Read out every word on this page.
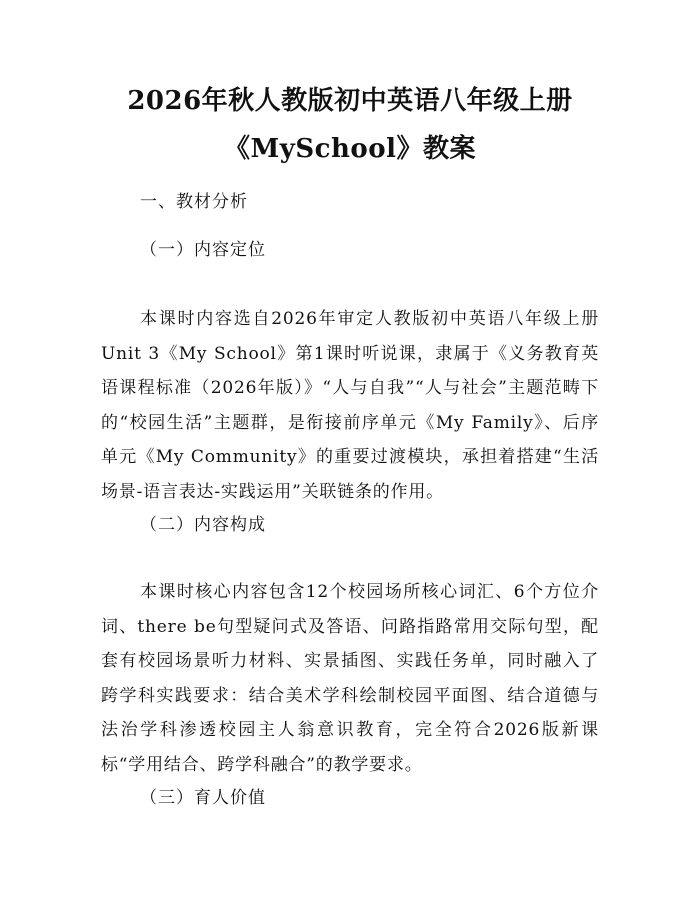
2026年秋人教版初中英语八年级上册
《MySchool》教案
一、教材分析
（一）内容定位

本课时内容选自2026年审定人教版初中英语八年级上册Unit 3《My School》第1课时听说课，隶属于《义务教育英语课程标准（2026年版）》“人与自我”“人与社会”主题范畴下的“校园生活”主题群，是衔接前序单元《My Family》、后序单元《My Community》的重要过渡模块，承担着搭建“生活场景-语言表达-实践运用”关联链条的作用。

（二）内容构成

本课时核心内容包含12个校园场所核心词汇、6个方位介词、there be句型疑问式及答语、问路指路常用交际句型，配套有校园场景听力材料、实景插图、实践任务单，同时融入了跨学科实践要求：结合美术学科绘制校园平面图、结合道德与法治学科渗透校园主人翁意识教育，完全符合2026版新课标“学用结合、跨学科融合”的教学要求。

（三）育人价值
